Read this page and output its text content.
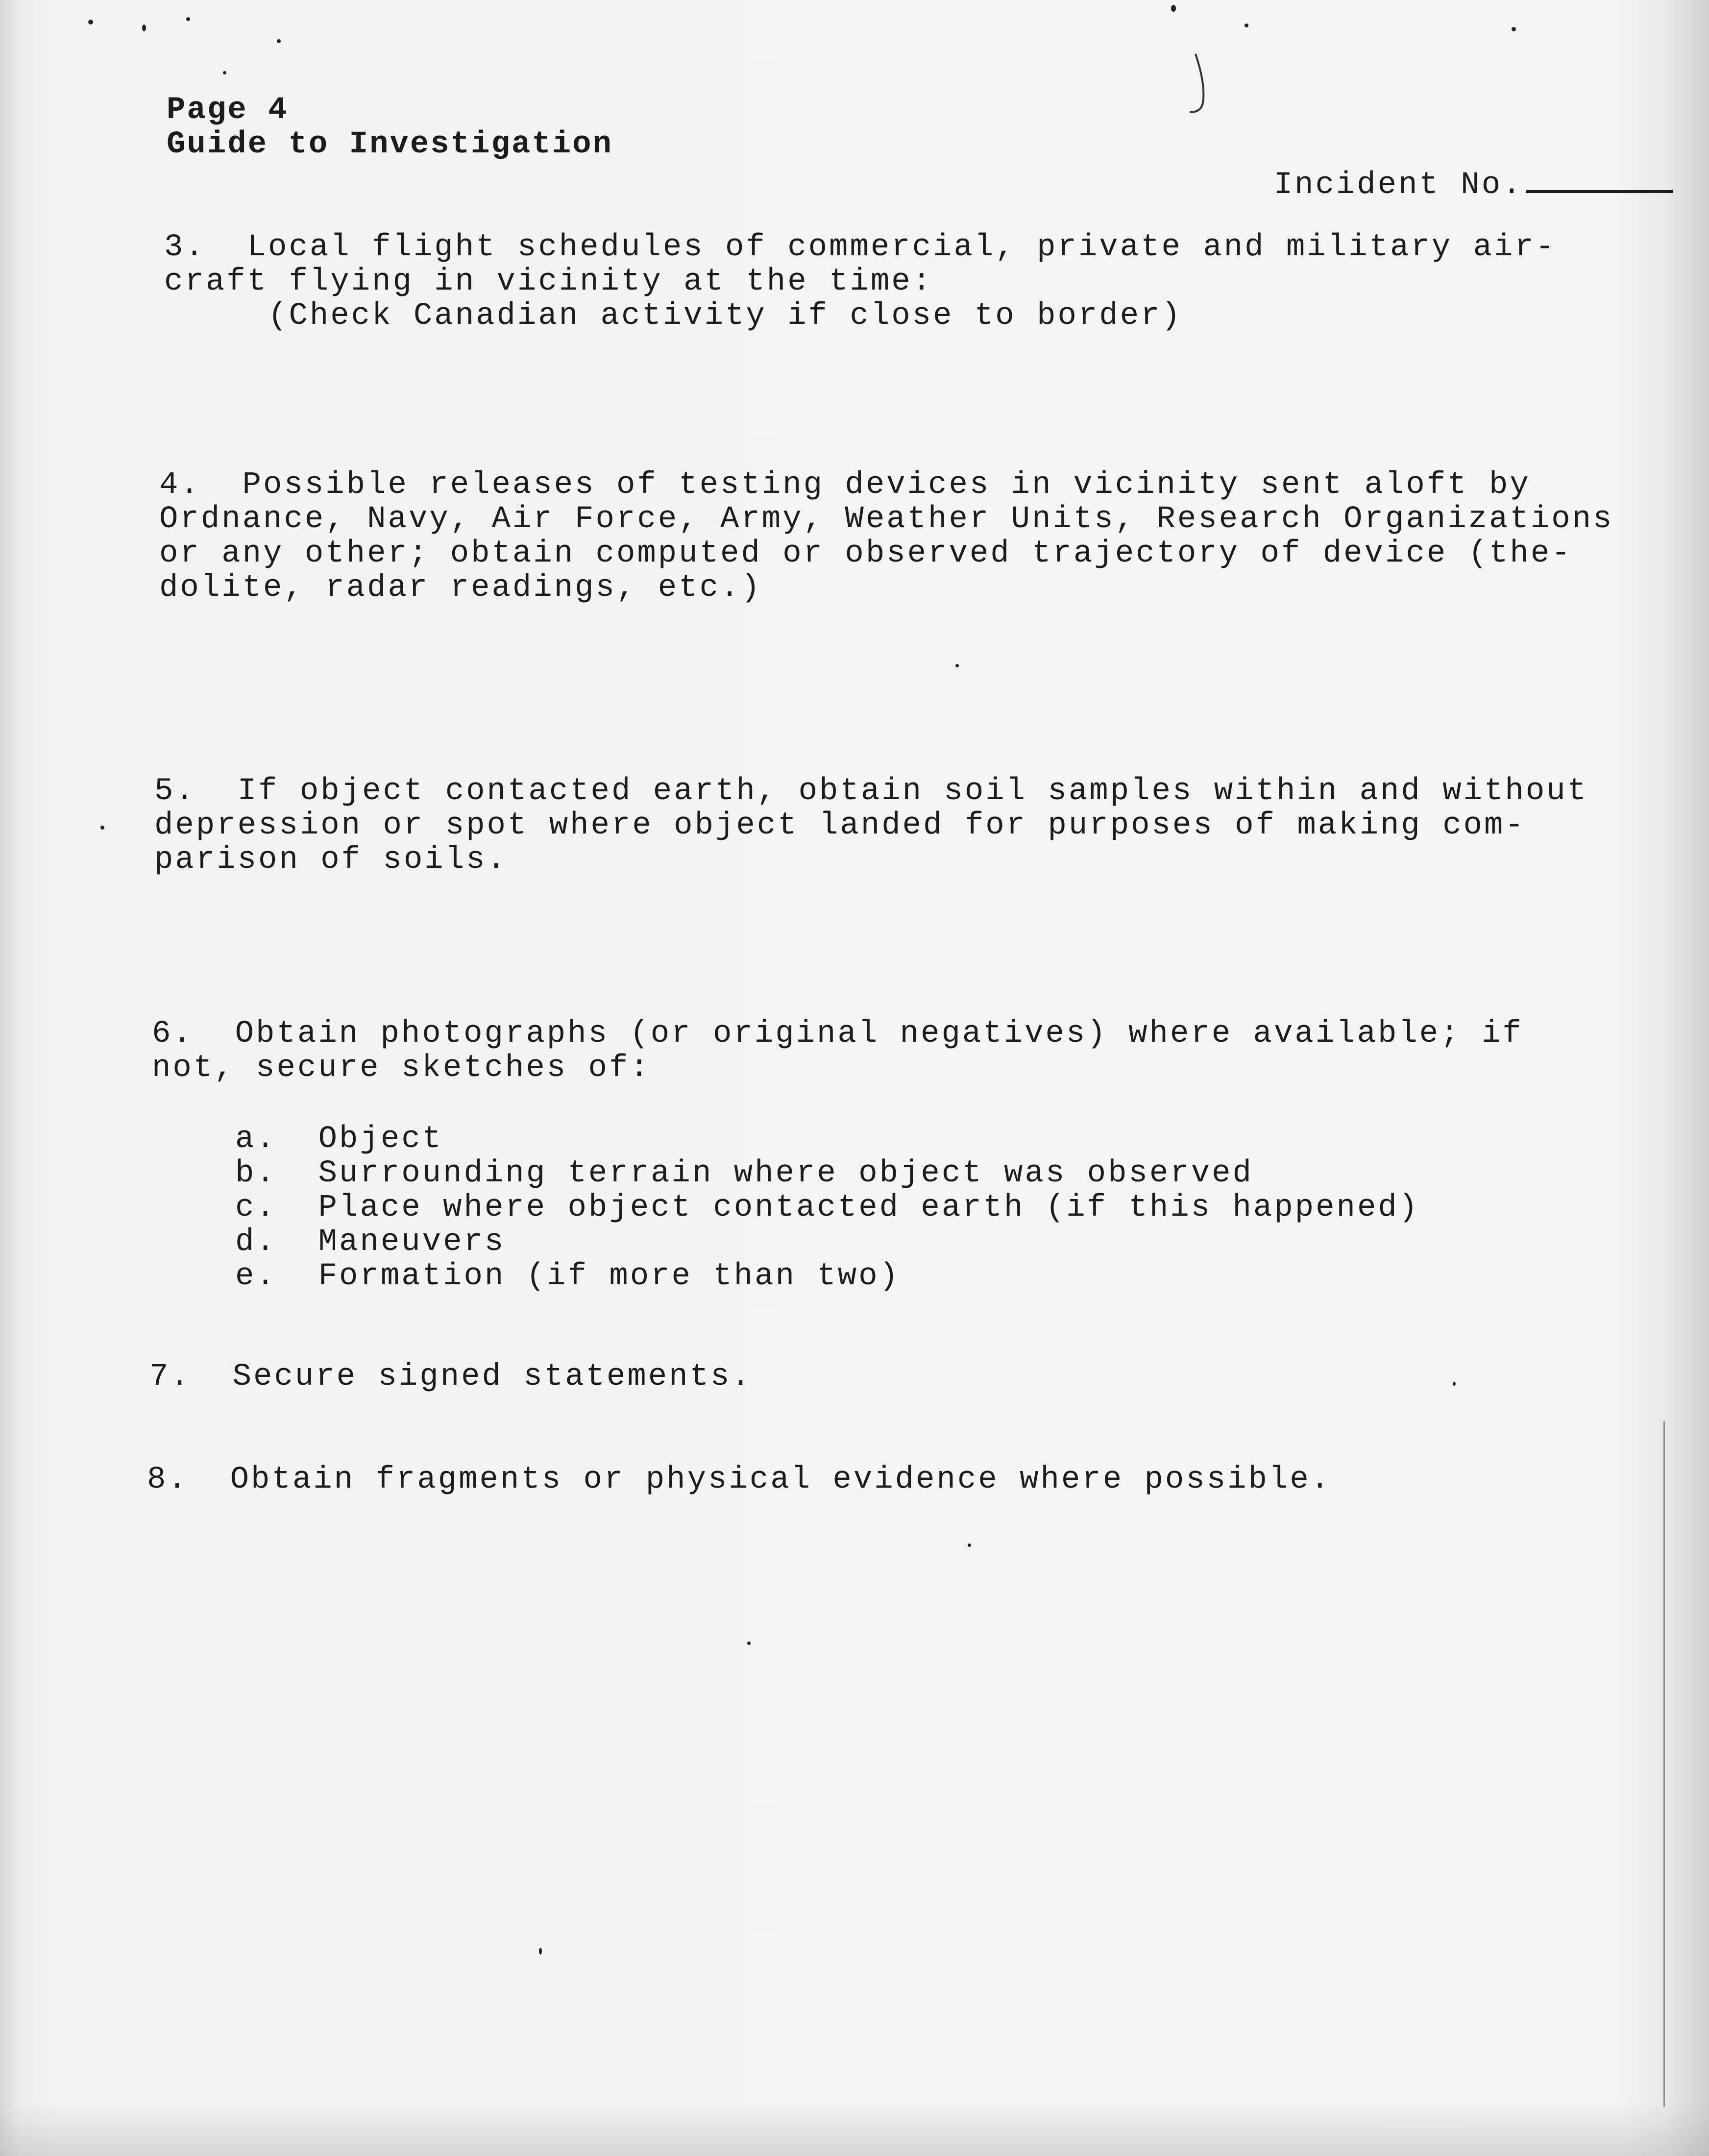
Page 4
Guide to Investigation

Incident No.

3.  Local flight schedules of commercial, private and military air-
craft flying in vicinity at the time:
(Check Canadian activity if close to border)
4.  Possible releases of testing devices in vicinity sent aloft by
Ordnance, Navy, Air Force, Army, Weather Units, Research Organizations
or any other; obtain computed or observed trajectory of device (the-
dolite, radar readings, etc.)
5.  If object contacted earth, obtain soil samples within and without
depression or spot where object landed for purposes of making com-
parison of soils.
6.  Obtain photographs (or original negatives) where available; if
not, secure sketches of:
a.  Object
b.  Surrounding terrain where object was observed
c.  Place where object contacted earth (if this happened)
d.  Maneuvers
e.  Formation (if more than two)
7.  Secure signed statements.
8.  Obtain fragments or physical evidence where possible.
